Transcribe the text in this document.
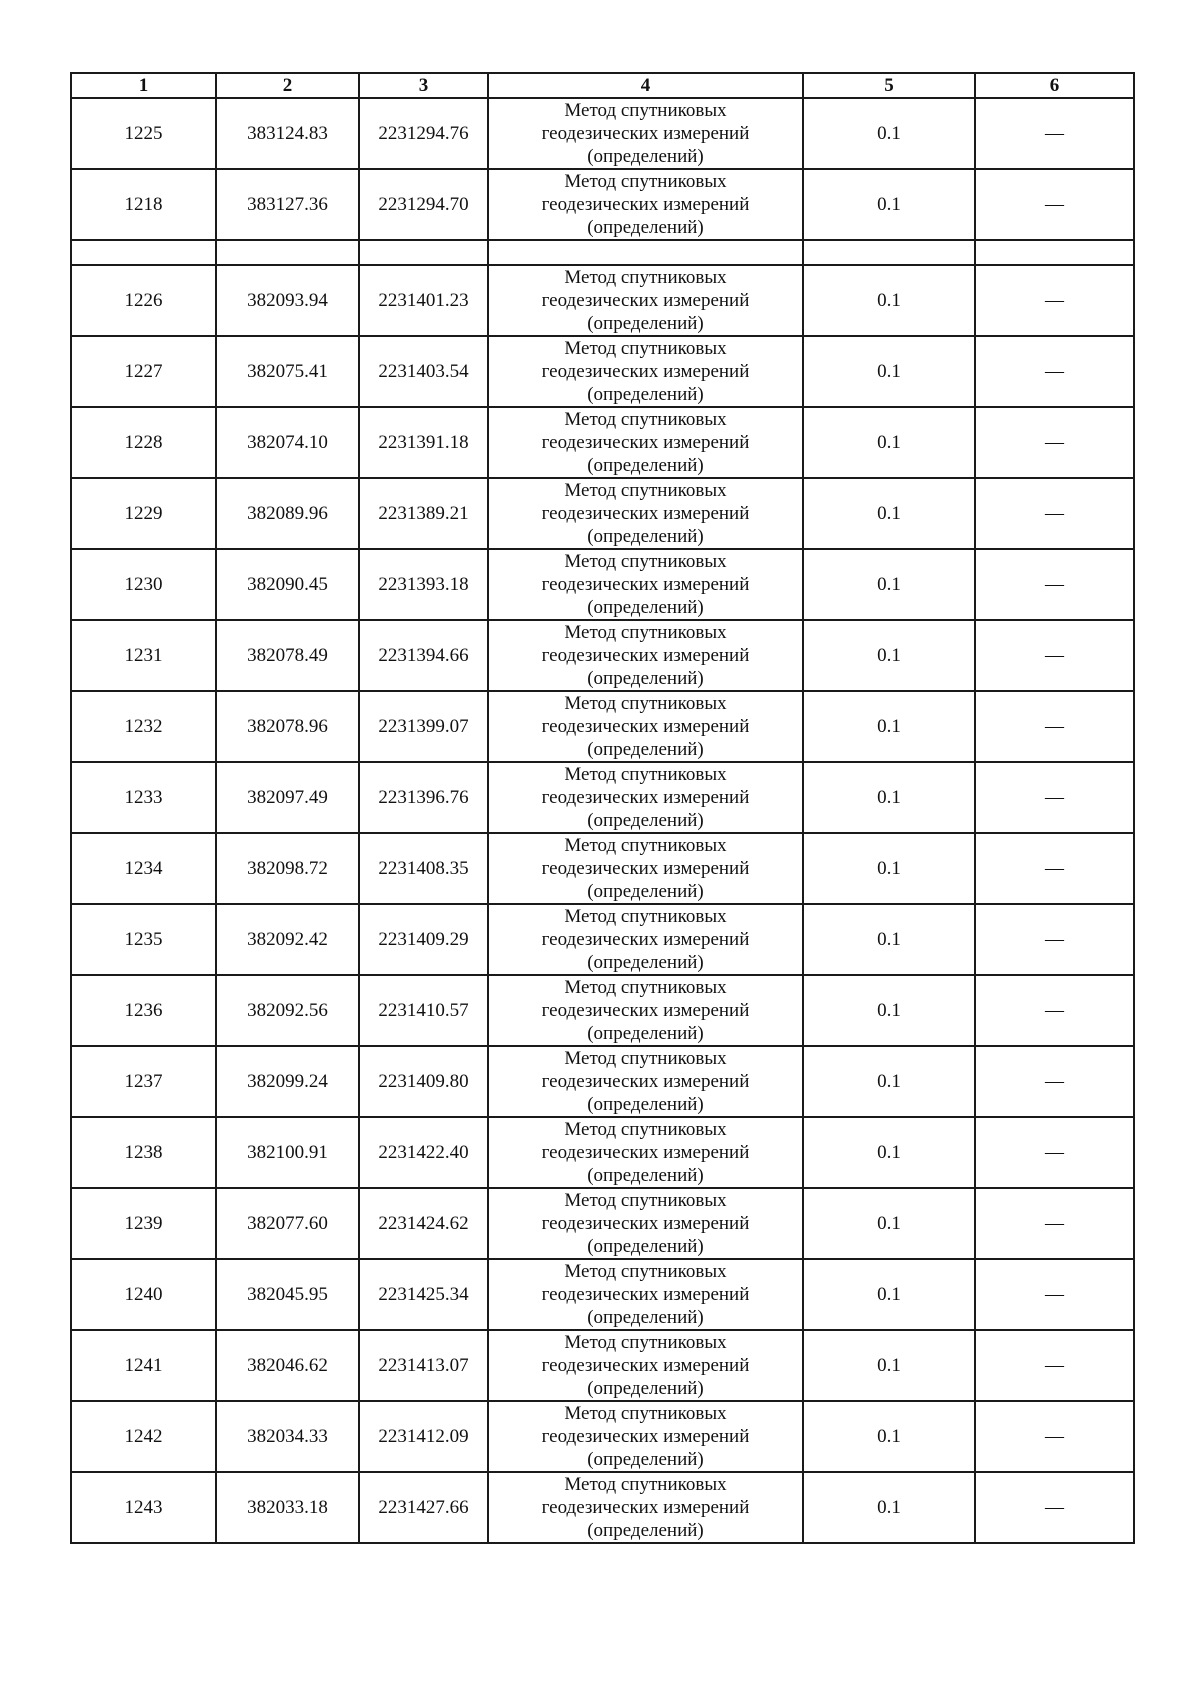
1	2	3	4	5	6
1225	383124.83	2231294.76	Метод спутниковых
геодезических измерений
(определений)	0.1	—
1218	383127.36	2231294.70	Метод спутниковых
геодезических измерений
(определений)	0.1	—

1226	382093.94	2231401.23	Метод спутниковых
геодезических измерений
(определений)	0.1	—
1227	382075.41	2231403.54	Метод спутниковых
геодезических измерений
(определений)	0.1	—
1228	382074.10	2231391.18	Метод спутниковых
геодезических измерений
(определений)	0.1	—
1229	382089.96	2231389.21	Метод спутниковых
геодезических измерений
(определений)	0.1	—
1230	382090.45	2231393.18	Метод спутниковых
геодезических измерений
(определений)	0.1	—
1231	382078.49	2231394.66	Метод спутниковых
геодезических измерений
(определений)	0.1	—
1232	382078.96	2231399.07	Метод спутниковых
геодезических измерений
(определений)	0.1	—
1233	382097.49	2231396.76	Метод спутниковых
геодезических измерений
(определений)	0.1	—
1234	382098.72	2231408.35	Метод спутниковых
геодезических измерений
(определений)	0.1	—
1235	382092.42	2231409.29	Метод спутниковых
геодезических измерений
(определений)	0.1	—
1236	382092.56	2231410.57	Метод спутниковых
геодезических измерений
(определений)	0.1	—
1237	382099.24	2231409.80	Метод спутниковых
геодезических измерений
(определений)	0.1	—
1238	382100.91	2231422.40	Метод спутниковых
геодезических измерений
(определений)	0.1	—
1239	382077.60	2231424.62	Метод спутниковых
геодезических измерений
(определений)	0.1	—
1240	382045.95	2231425.34	Метод спутниковых
геодезических измерений
(определений)	0.1	—
1241	382046.62	2231413.07	Метод спутниковых
геодезических измерений
(определений)	0.1	—
1242	382034.33	2231412.09	Метод спутниковых
геодезических измерений
(определений)	0.1	—
1243	382033.18	2231427.66	Метод спутниковых
геодезических измерений
(определений)	0.1	—
